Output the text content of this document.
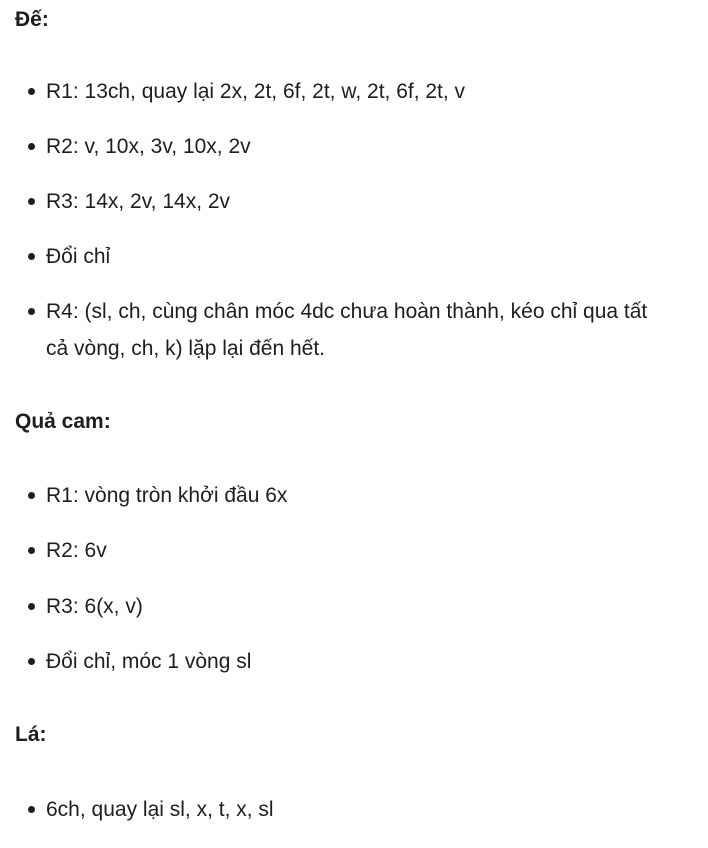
Đế:
R1: 13ch, quay lại 2x, 2t, 6f, 2t, w, 2t, 6f, 2t, v
R2: v, 10x, 3v, 10x, 2v
R3: 14x, 2v, 14x, 2v
Đổi chỉ
R4: (sl, ch, cùng chân móc 4dc chưa hoàn thành, kéo chỉ qua tất cả vòng, ch, k) lặp lại đến hết.
Quả cam:
R1: vòng tròn khởi đầu 6x
R2: 6v
R3: 6(x, v)
Đổi chỉ, móc 1 vòng sl
Lá:
6ch, quay lại sl, x, t, x, sl
